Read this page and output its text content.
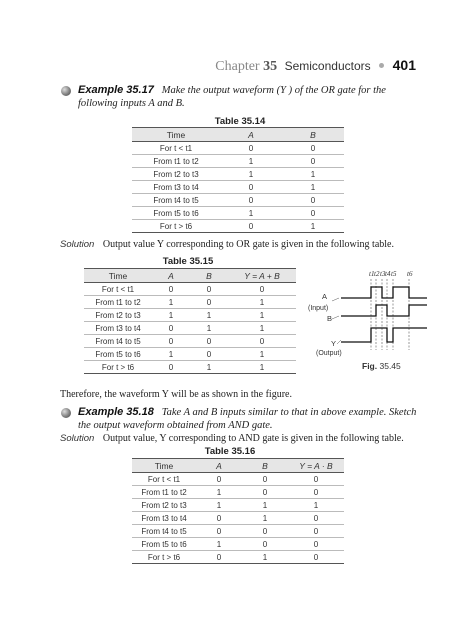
Chapter 35 Semiconductors 401
Example 35.17 Make the output waveform (Y ) of the OR gate for the
following inputs A and B.
Table 35.14
Time	A	B
For t < t1	0	0
From t1 to t2	1	0
From t2 to t3	1	1
From t3 to t4	0	1
From t4 to t5	0	0
From t5 to t6	1	0
For t > t6	0	1
Solution Output value Y corresponding to OR gate is given in the following table.
Table 35.15
Time	A	B	Y = A + B
For t < t1	0	0	0
From t1 to t2	1	0	1
From t2 to t3	1	1	1
From t3 to t4	0	1	1
From t4 to t5	0	0	0
From t5 to t6	1	0	1
For t > t6	0	1	1
t1 t2 t3 t4 t5 t6
A
(Input)
B
Y
(Output)
Fig. 35.45
Therefore, the waveform Y will be as shown in the figure.
Example 35.18 Take A and B inputs similar to that in above example. Sketch
the output waveform obtained from AND gate.
Solution Output value, Y corresponding to AND gate is given in the following table.
Table 35.16
Time	A	B	Y = A · B
For t < t1	0	0	0
From t1 to t2	1	0	0
From t2 to t3	1	1	1
From t3 to t4	0	1	0
From t4 to t5	0	0	0
From t5 to t6	1	0	0
For t > t6	0	1	0
